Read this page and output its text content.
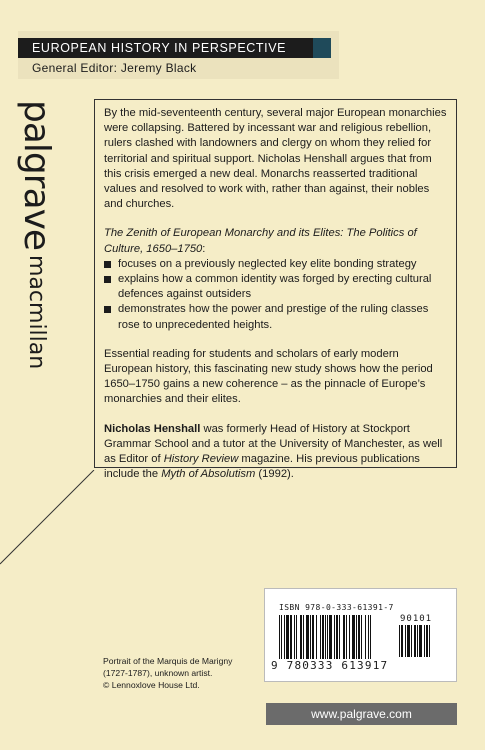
EUROPEAN HISTORY IN PERSPECTIVE
General Editor: Jeremy Black
palgrave macmillan

By the mid-seventeenth century, several major European monarchies were collapsing. Battered by incessant war and religious rebellion, rulers clashed with landowners and clergy on whom they relied for territorial and spiritual support. Nicholas Henshall argues that from this crisis emerged a new deal. Monarchs reasserted traditional values and resolved to work with, rather than against, their nobles and churches.

The Zenith of European Monarchy and its Elites: The Politics of Culture, 1650–1750:

focuses on a previously neglected key elite bonding strategy
explains how a common identity was forged by erecting cultural defences against outsiders
demonstrates how the power and prestige of the ruling classes rose to unprecedented heights.

Essential reading for students and scholars of early modern European history, this fascinating new study shows how the period 1650–1750 gains a new coherence – as the pinnacle of Europe’s monarchies and their elites.

Nicholas Henshall was formerly Head of History at Stockport Grammar School and a tutor at the University of Manchester, as well as Editor of History Review magazine. His previous publications include the Myth of Absolutism (1992).

ISBN 978-0-333-61391-7
90101
9 780333 613917
Portrait of the Marquis de Marigny
(1727-1787), unknown artist.
© Lennoxlove House Ltd.
www.palgrave.com
